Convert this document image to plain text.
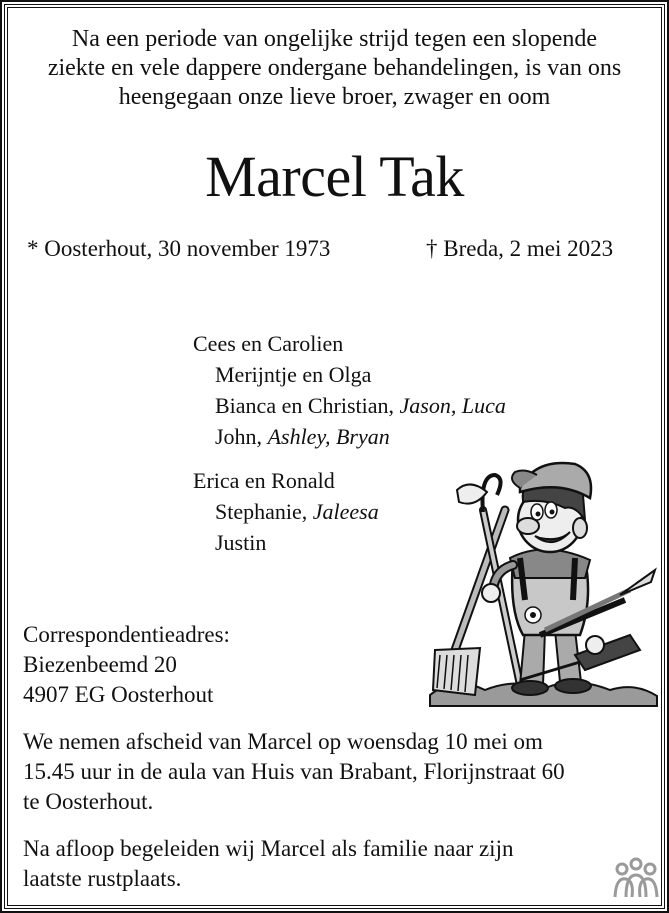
Na een periode van ongelijke strijd tegen een slopende
ziekte en vele dappere ondergane behandelingen, is van ons
heengegaan onze lieve broer, zwager en oom
Marcel Tak
* Oosterhout, 30 november 1973	† Breda, 2 mei 2023
Cees en Carolien
Merijntje en Olga
Bianca en Christian, Jason, Luca
John, Ashley, Bryan
Erica en Ronald
Stephanie, Jaleesa
Justin
Correspondentieadres:
Biezenbeemd 20
4907 EG Oosterhout
We nemen afscheid van Marcel op woensdag 10 mei om
15.45 uur in de aula van Huis van Brabant, Florijnstraat 60
te Oosterhout.
Na afloop begeleiden wij Marcel als familie naar zijn
laatste rustplaats.
